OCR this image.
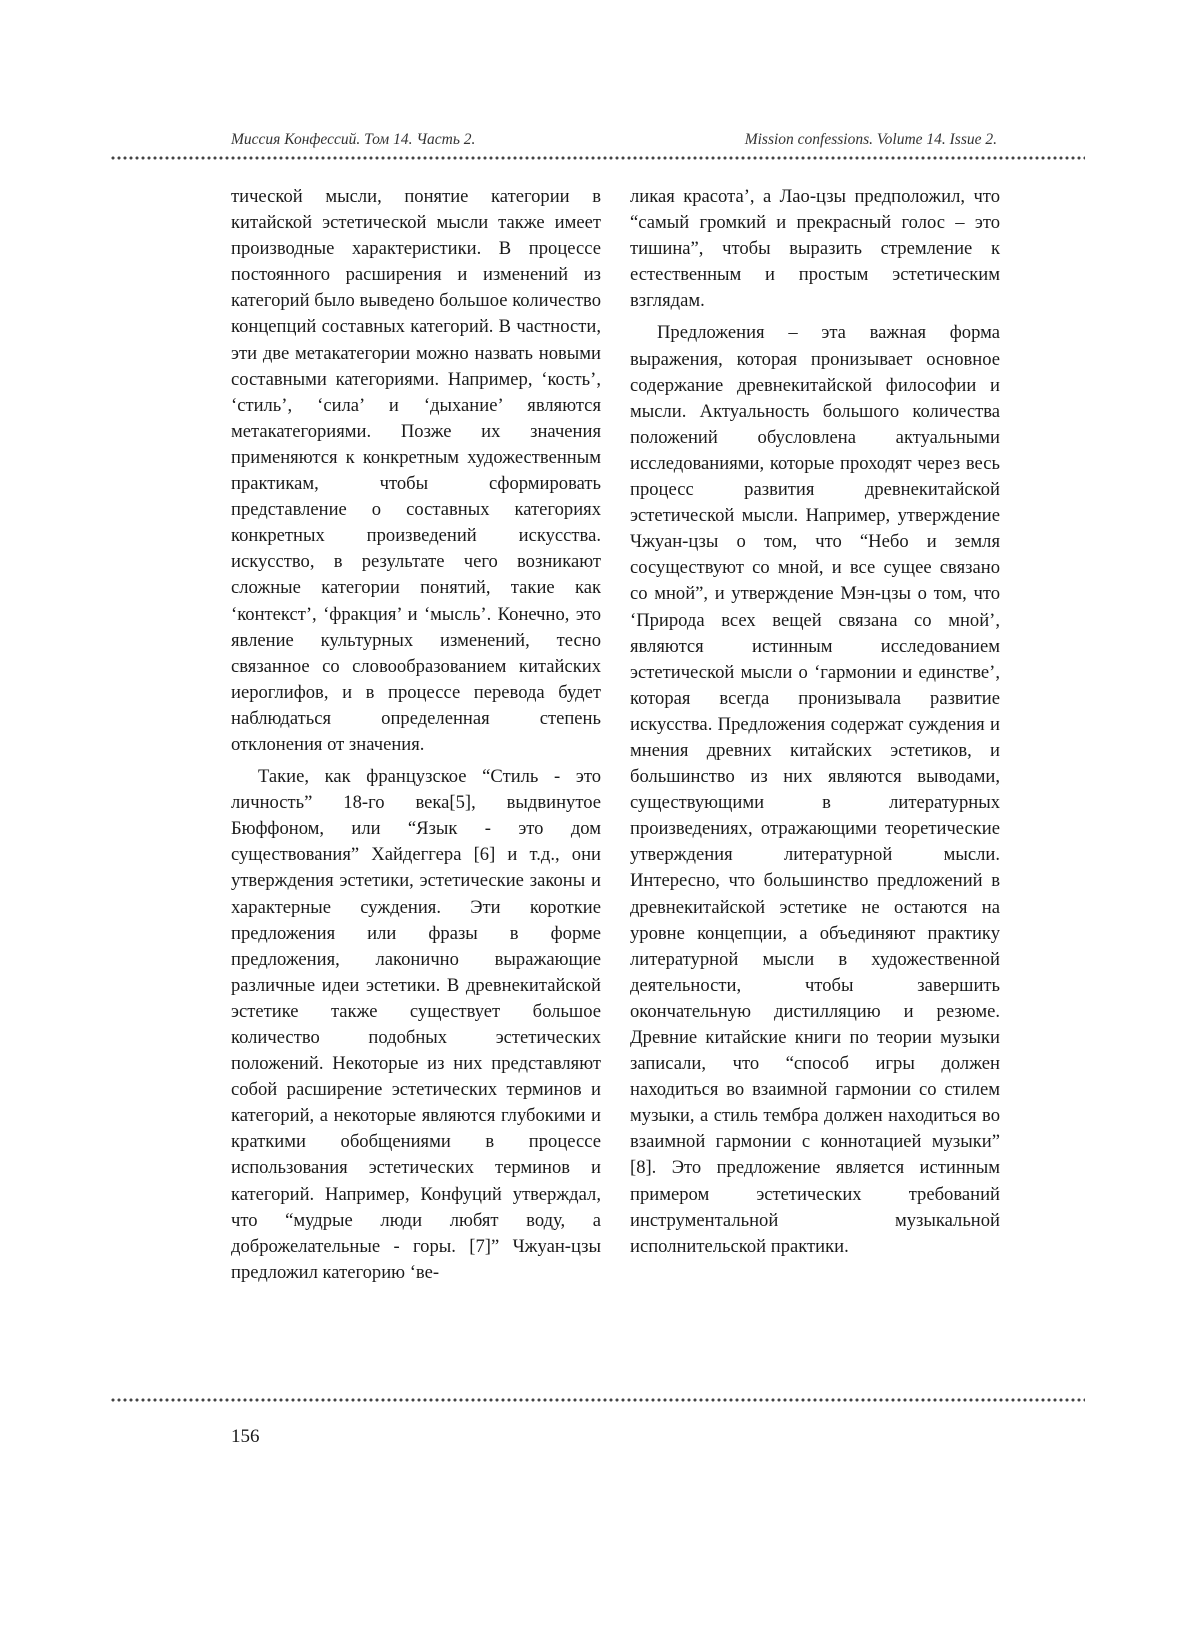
Миссия Конфессий. Том 14. Часть 2.	Mission confessions. Volume 14. Issue 2.

тической мысли, понятие категории в китайской эстетической мысли также имеет производные характеристики. В процессе постоянного расширения и изменений из категорий было выведено большое количество концепций составных категорий. В частности, эти две метакатегории можно назвать новыми составными категориями. Например, ‘кость’, ‘стиль’, ‘сила’ и ‘дыхание’ являются метакатегориями. Позже их значения применяются к конкретным художественным практикам, чтобы сформировать представление о составных категориях конкретных произведений искусства. искусство, в результате чего возникают сложные категории понятий, такие как ‘контекст’, ‘фракция’ и ‘мысль’. Конечно, это явление культурных изменений, тесно связанное со словообразованием китайских иероглифов, и в процессе перевода будет наблюдаться определенная степень отклонения от значения.

Такие, как французское “Стиль - это личность” 18-го века[5], выдвинутое Бюффоном, или “Язык - это дом существования” Хайдеггера [6] и т.д., они утверждения эстетики, эстетические законы и характерные суждения. Эти короткие предложения или фразы в форме предложения, лаконично выражающие различные идеи эстетики. В древнекитайской эстетике также существует большое количество подобных эстетических положений. Некоторые из них представляют собой расширение эстетических терминов и категорий, а некоторые являются глубокими и краткими обобщениями в процессе использования эстетических терминов и категорий. Например, Конфуций утверждал, что “мудрые люди любят воду, а доброжелательные - горы. [7]” Чжуан-цзы предложил категорию ‘ве-

ликая красота’, а Лао-цзы предположил, что “самый громкий и прекрасный голос – это тишина”, чтобы выразить стремление к естественным и простым эстетическим взглядам.

Предложения – эта важная форма выражения, которая пронизывает основное содержание древнекитайской философии и мысли. Актуальность большого количества положений обусловлена актуальными исследованиями, которые проходят через весь процесс развития древнекитайской эстетической мысли. Например, утверждение Чжуан-цзы о том, что “Небо и земля сосуществуют со мной, и все сущее связано со мной”, и утверждение Мэн-цзы о том, что ‘Природа всех вещей связана со мной’, являются истинным исследованием эстетической мысли о ‘гармонии и единстве’, которая всегда пронизывала развитие искусства. Предложения содержат суждения и мнения древних китайских эстетиков, и большинство из них являются выводами, существующими в литературных произведениях, отражающими теоретические утверждения литературной мысли. Интересно, что большинство предложений в древнекитайской эстетике не остаются на уровне концепции, а объединяют практику литературной мысли в художественной деятельности, чтобы завершить окончательную дистилляцию и резюме. Древние китайские книги по теории музыки записали, что “способ игры должен находиться во взаимной гармонии со стилем музыки, а стиль тембра должен находиться во взаимной гармонии с коннотацией музыки” [8]. Это предложение является истинным примером эстетических требований инструментальной музыкальной исполнительской практики.

156
